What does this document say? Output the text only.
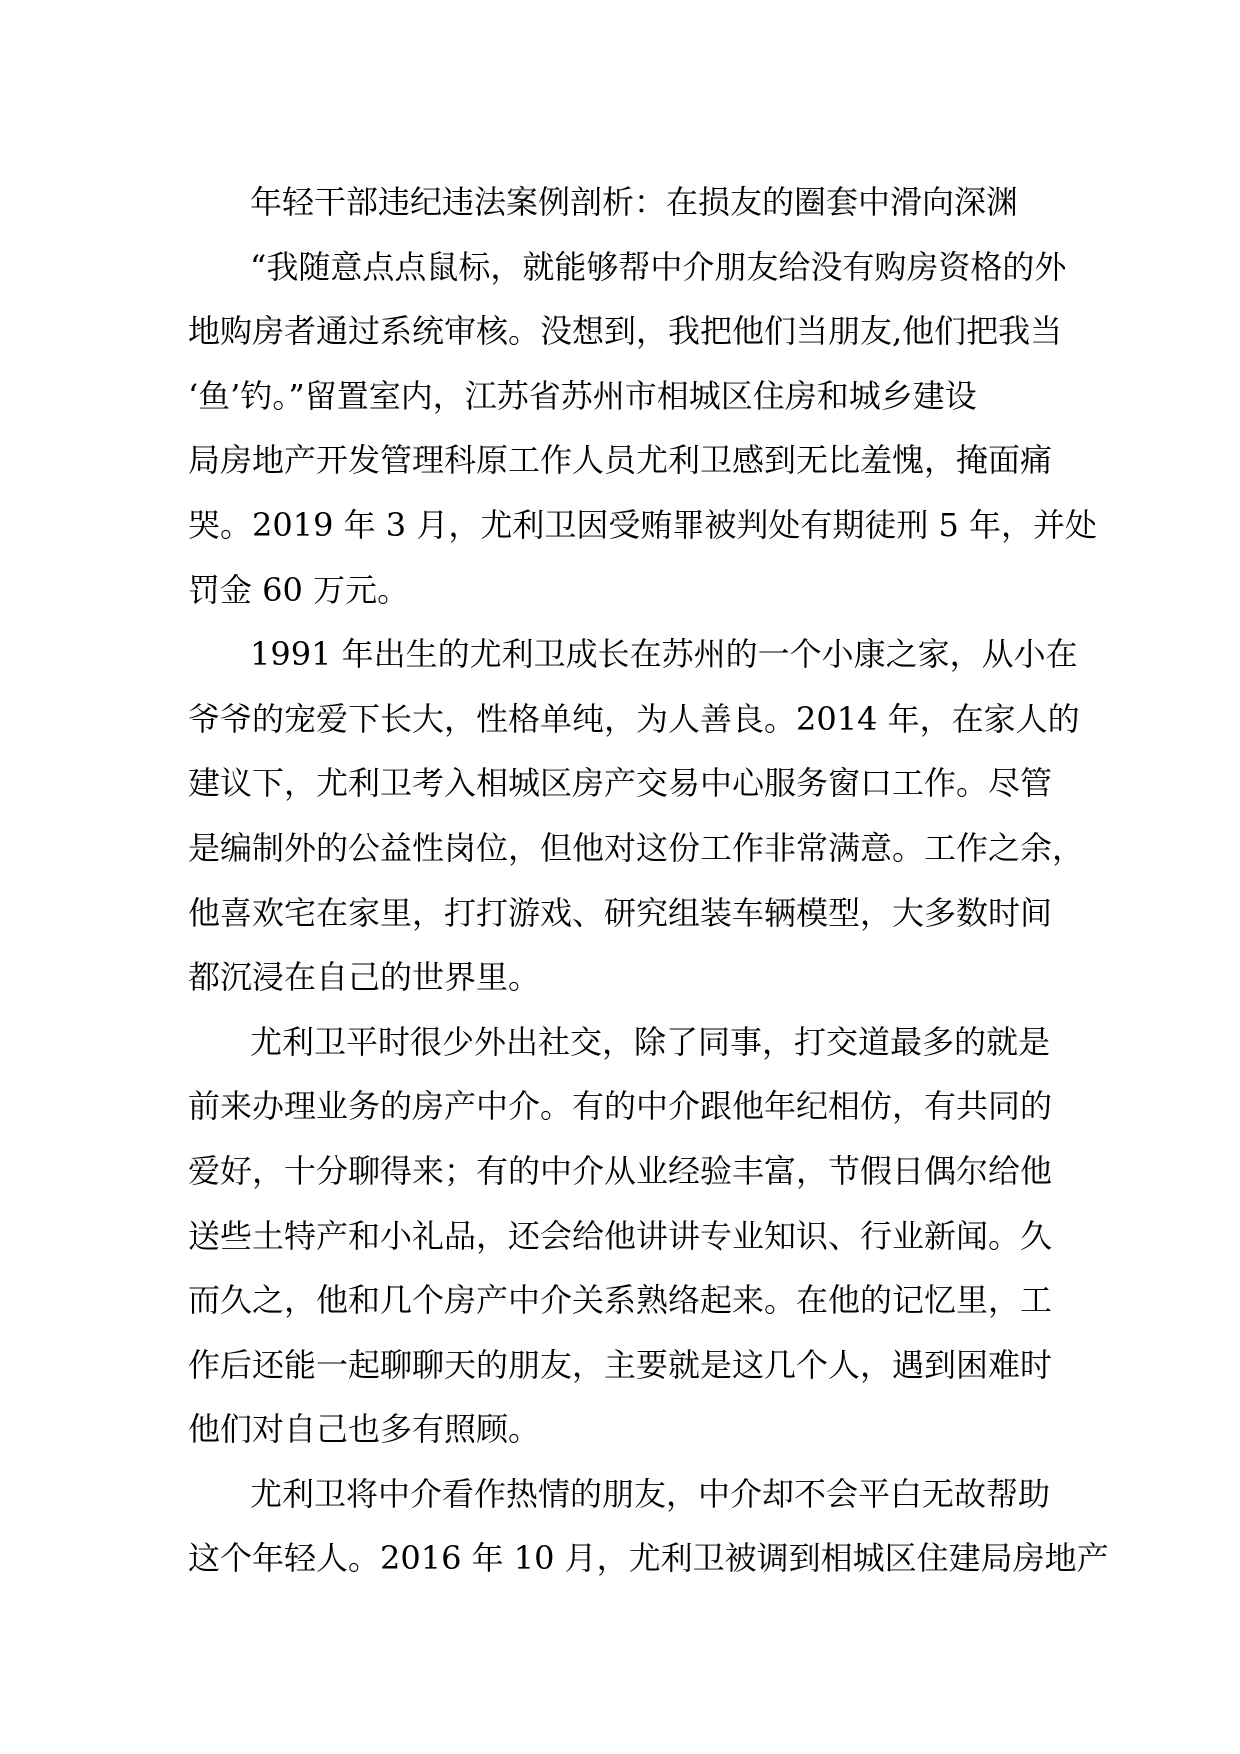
年轻干部违纪违法案例剖析：在损友的圈套中滑向深渊
“我随意点点鼠标，就能够帮中介朋友给没有购房资格的外
地购房者通过系统审核。没想到，我把他们当朋友,他们把我当
‘鱼’钓。”留置室内，江苏省苏州市相城区住房和城乡建设
局房地产开发管理科原工作人员尤利卫感到无比羞愧，掩面痛
哭。2019 年 3 月，尤利卫因受贿罪被判处有期徒刑 5 年，并处
罚金 60 万元。
1991 年出生的尤利卫成长在苏州的一个小康之家，从小在
爷爷的宠爱下长大，性格单纯，为人善良。2014 年，在家人的
建议下，尤利卫考入相城区房产交易中心服务窗口工作。尽管
是编制外的公益性岗位，但他对这份工作非常满意。工作之余，
他喜欢宅在家里，打打游戏、研究组装车辆模型，大多数时间
都沉浸在自己的世界里。
尤利卫平时很少外出社交，除了同事，打交道最多的就是
前来办理业务的房产中介。有的中介跟他年纪相仿，有共同的
爱好，十分聊得来；有的中介从业经验丰富，节假日偶尔给他
送些土特产和小礼品，还会给他讲讲专业知识、行业新闻。久
而久之，他和几个房产中介关系熟络起来。在他的记忆里，工
作后还能一起聊聊天的朋友，主要就是这几个人，遇到困难时
他们对自己也多有照顾。
尤利卫将中介看作热情的朋友，中介却不会平白无故帮助
这个年轻人。2016 年 10 月，尤利卫被调到相城区住建局房地产
